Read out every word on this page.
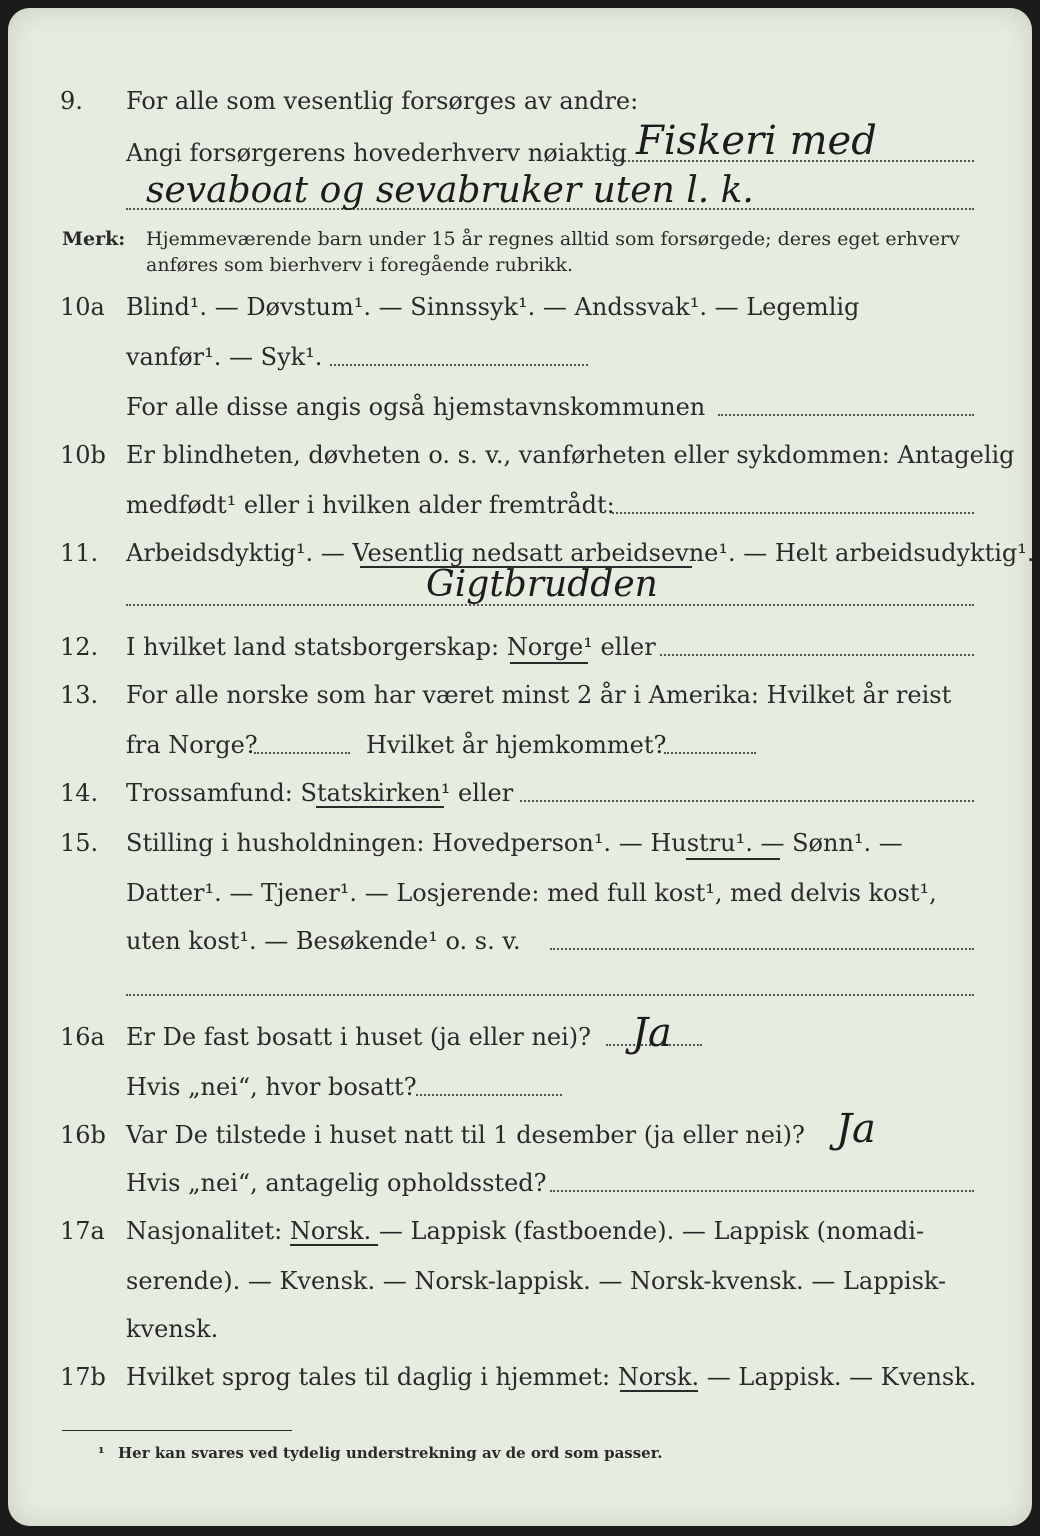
9. For alle som vesentlig forsørges av andre:
Angi forsørgerens hovederhverv nøiaktig Fiskeri med
sevaboat og sevabruker uten l. k.
Merk: Hjemmeværende barn under 15 år regnes alltid som forsørgede; deres eget erhverv
anføres som bierhverv i foregående rubrikk.
10a Blind¹. — Døvstum¹. — Sinnssyk¹. — Andssvak¹. — Legemlig
vanfør¹. — Syk¹.
For alle disse angis også hjemstavnskommunen
10b Er blindheten, døvheten o. s. v., vanførheten eller sykdommen: Antagelig
medfødt¹ eller i hvilken alder fremtrådt:
11. Arbeidsdyktig¹. — Vesentlig nedsatt arbeidsevne¹. — Helt arbeidsudyktig¹.
Gigtbrudden
12. I hvilket land statsborgerskap: Norge¹ eller
13. For alle norske som har været minst 2 år i Amerika: Hvilket år reist
fra Norge?	Hvilket år hjemkommet?
14. Trossamfund: Statskirken¹ eller
15. Stilling i husholdningen: Hovedperson¹. — Hustru¹. — Sønn¹. —
Datter¹. — Tjener¹. — Losjerende: med full kost¹, med delvis kost¹,
uten kost¹. — Besøkende¹ o. s. v.
16a Er De fast bosatt i huset (ja eller nei)? Ja
Hvis „nei“, hvor bosatt?
16b Var De tilstede i huset natt til 1 desember (ja eller nei)? Ja
Hvis „nei“, antagelig opholdssted?
17a Nasjonalitet: Norsk. — Lappisk (fastboende). — Lappisk (nomadi-
serende). — Kvensk. — Norsk-lappisk. — Norsk-kvensk. — Lappisk-
kvensk.
17b Hvilket sprog tales til daglig i hjemmet: Norsk. — Lappisk. — Kvensk.
¹ Her kan svares ved tydelig understrekning av de ord som passer.
